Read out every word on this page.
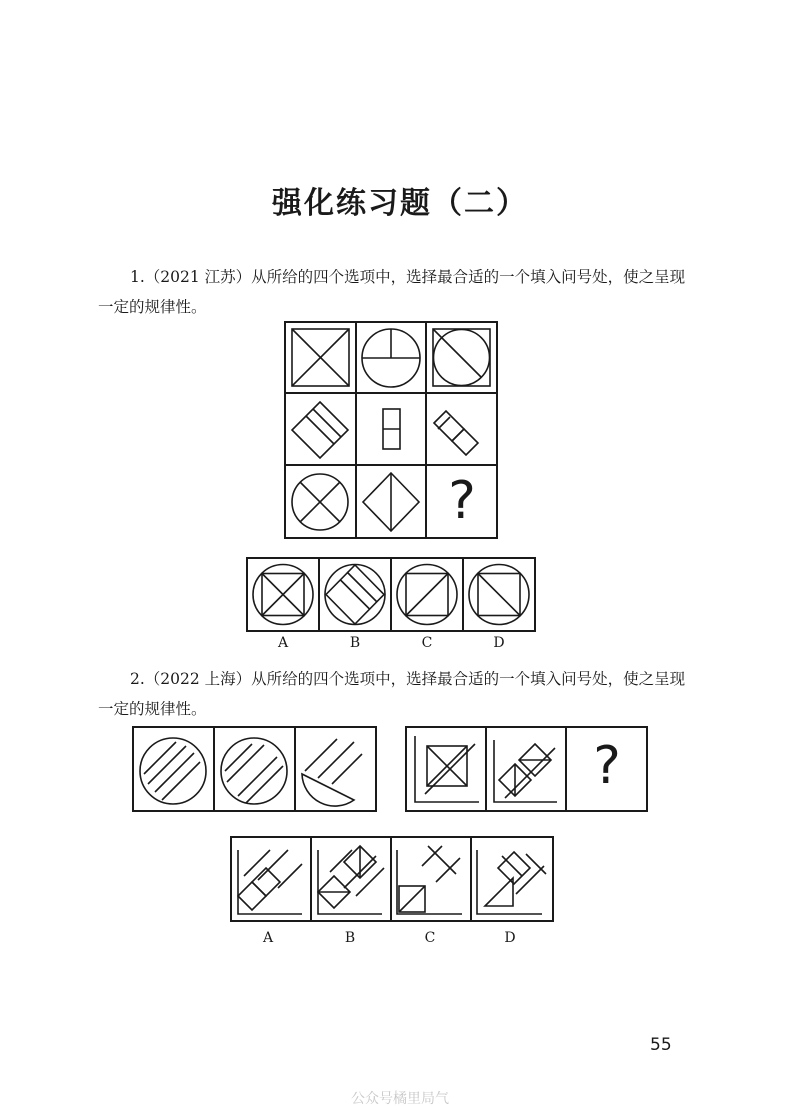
强化练习题（二）
1.（2021 江苏）从所给的四个选项中，选择最合适的一个填入问号处，使之呈现一定的规律性。
?
A	B	C	D
2.（2022 上海）从所给的四个选项中，选择最合适的一个填入问号处，使之呈现一定的规律性。
?
A	B	C	D
55
公众号橘里局气
